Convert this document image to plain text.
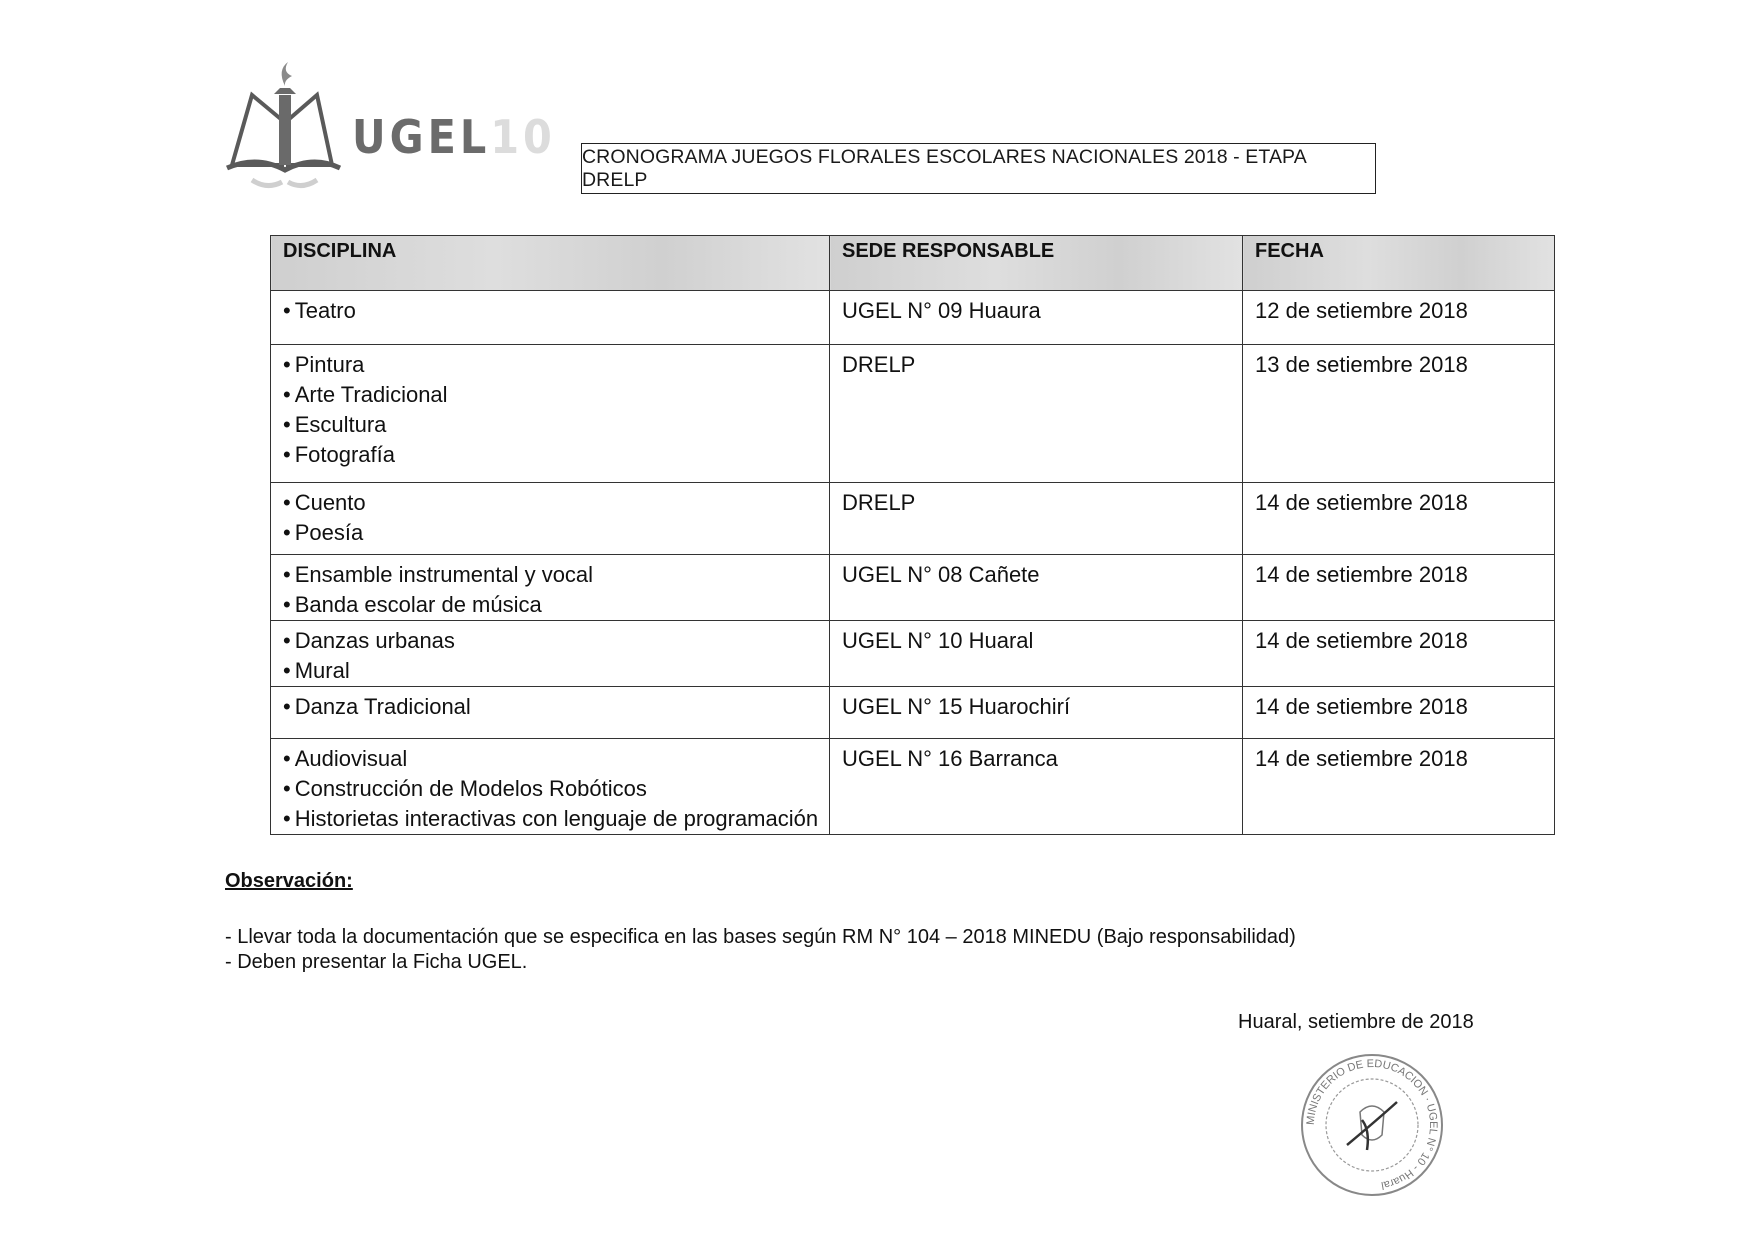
UGEL10 CRONOGRAMA JUEGOS FLORALES ESCOLARES NACIONALES 2018 - ETAPA DRELP
DISCIPLINA	SEDE RESPONSABLE	FECHA

• Teatro	UGEL N° 09 Huaura	12 de setiembre 2018

• Pintura
• Arte Tradicional
• Escultura
• Fotografía	DRELP	13 de setiembre 2018

• Cuento
• Poesía	DRELP	14 de setiembre 2018

• Ensamble instrumental y vocal
• Banda escolar de música	UGEL N° 08 Cañete	14 de setiembre 2018

• Danzas urbanas
• Mural	UGEL N° 10 Huaral	14 de setiembre 2018

• Danza Tradicional	UGEL N° 15 Huarochirí	14 de setiembre 2018

• Audiovisual
• Construcción de Modelos Robóticos
• Historietas interactivas con lenguaje de programación	UGEL N° 16 Barranca	14 de setiembre 2018
Observación:
- Llevar toda la documentación que se especifica en las bases según RM N° 104 – 2018 MINEDU (Bajo responsabilidad)
- Deben presentar la Ficha UGEL.
Huaral, setiembre de 2018
MINISTERIO DE EDUCACION · UGEL N° 10 - Huaral
